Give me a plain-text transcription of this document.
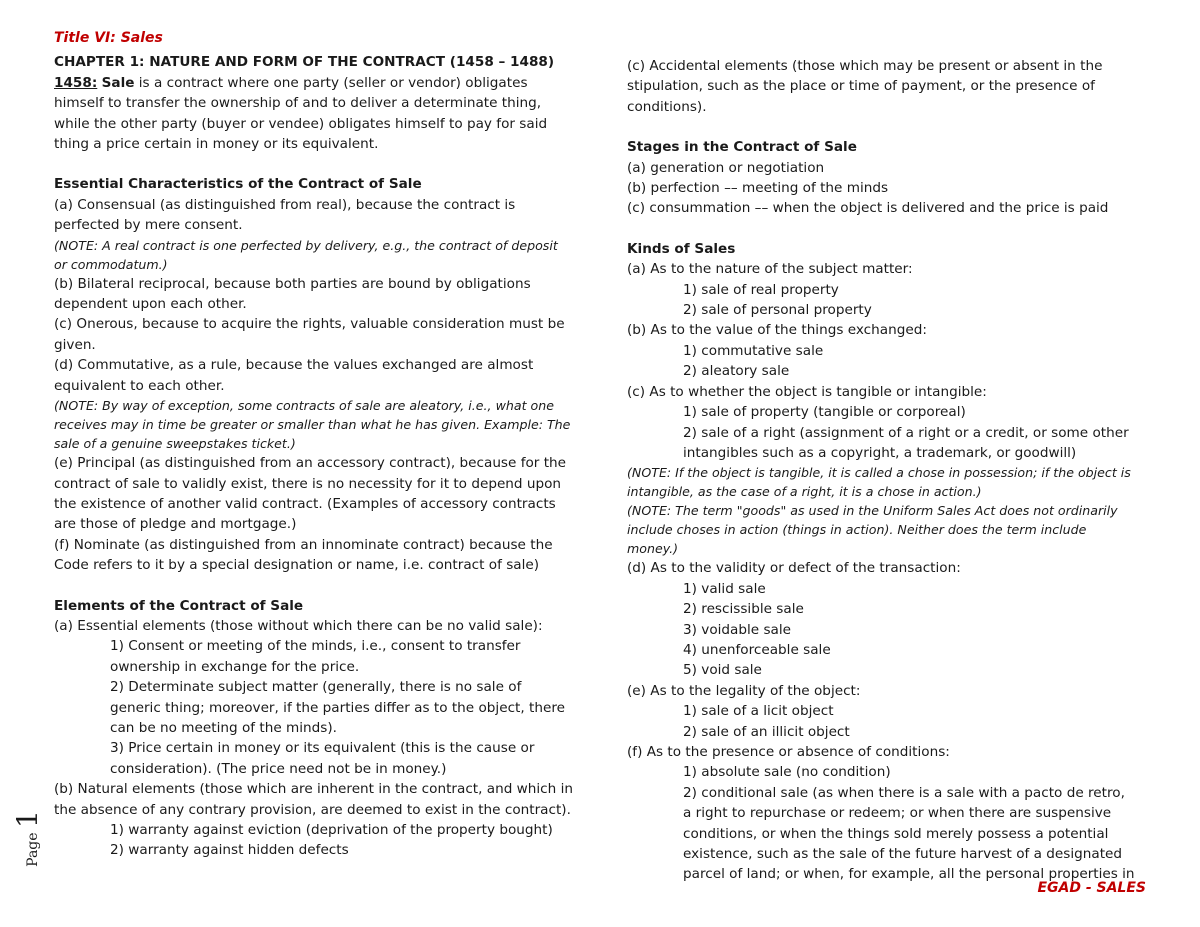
Title VI: Sales

CHAPTER 1: NATURE AND FORM OF THE CONTRACT (1458 – 1488)

1458: Sale is a contract where one party (seller or vendor) obligates himself to transfer the ownership of and to deliver a determinate thing, while the other party (buyer or vendee) obligates himself to pay for said thing a price certain in money or its equivalent.

Essential Characteristics of the Contract of Sale

(a) Consensual (as distinguished from real), because the contract is perfected by mere consent.

(NOTE: A real contract is one perfected by delivery, e.g., the contract of deposit or commodatum.)

(b) Bilateral reciprocal, because both parties are bound by obligations dependent upon each other.

(c) Onerous, because to acquire the rights, valuable consideration must be given.

(d) Commutative, as a rule, because the values exchanged are almost equivalent to each other.

(NOTE: By way of exception, some contracts of sale are aleatory, i.e., what one receives may in time be greater or smaller than what he has given. Example: The sale of a genuine sweepstakes ticket.)

(e) Principal (as distinguished from an accessory contract), because for the contract of sale to validly exist, there is no necessity for it to depend upon the existence of another valid contract. (Examples of accessory contracts are those of pledge and mortgage.)

(f) Nominate (as distinguished from an innominate contract) because the Code refers to it by a special designation or name, i.e. contract of sale)

Elements of the Contract of Sale

(a) Essential elements (those without which there can be no valid sale):

1) Consent or meeting of the minds, i.e., consent to transfer ownership in exchange for the price.

2) Determinate subject matter (generally, there is no sale of generic thing; moreover, if the parties differ as to the object, there can be no meeting of the minds).

3) Price certain in money or its equivalent (this is the cause or consideration). (The price need not be in money.)

(b) Natural elements (those which are inherent in the contract, and which in the absence of any contrary provision, are deemed to exist in the contract).

1) warranty against eviction (deprivation of the property bought)

2) warranty against hidden defects

(c) Accidental elements (those which may be present or absent in the stipulation, such as the place or time of payment, or the presence of conditions).

Stages in the Contract of Sale

(a) generation or negotiation

(b) perfection –– meeting of the minds

(c) consummation –– when the object is delivered and the price is paid

Kinds of Sales

(a) As to the nature of the subject matter:

1) sale of real property

2) sale of personal property

(b) As to the value of the things exchanged:

1) commutative sale

2) aleatory sale

(c) As to whether the object is tangible or intangible:

1) sale of property (tangible or corporeal)

2) sale of a right (assignment of a right or a credit, or some other intangibles such as a copyright, a trademark, or goodwill)

(NOTE: If the object is tangible, it is called a chose in possession; if the object is intangible, as the case of a right, it is a chose in action.)

(NOTE: The term "goods" as used in the Uniform Sales Act does not ordinarily include choses in action (things in action). Neither does the term include money.)

(d) As to the validity or defect of the transaction:

1) valid sale

2) rescissible sale

3) voidable sale

4) unenforceable sale

5) void sale

(e) As to the legality of the object:

1) sale of a licit object

2) sale of an illicit object

(f) As to the presence or absence of conditions:

1) absolute sale (no condition)

2) conditional sale (as when there is a sale with a pacto de retro, a right to repurchase or redeem; or when there are suspensive conditions, or when the things sold merely possess a potential existence, such as the sale of the future harvest of a designated parcel of land; or when, for example, all the personal properties in

Page 1
EGAD - SALES
